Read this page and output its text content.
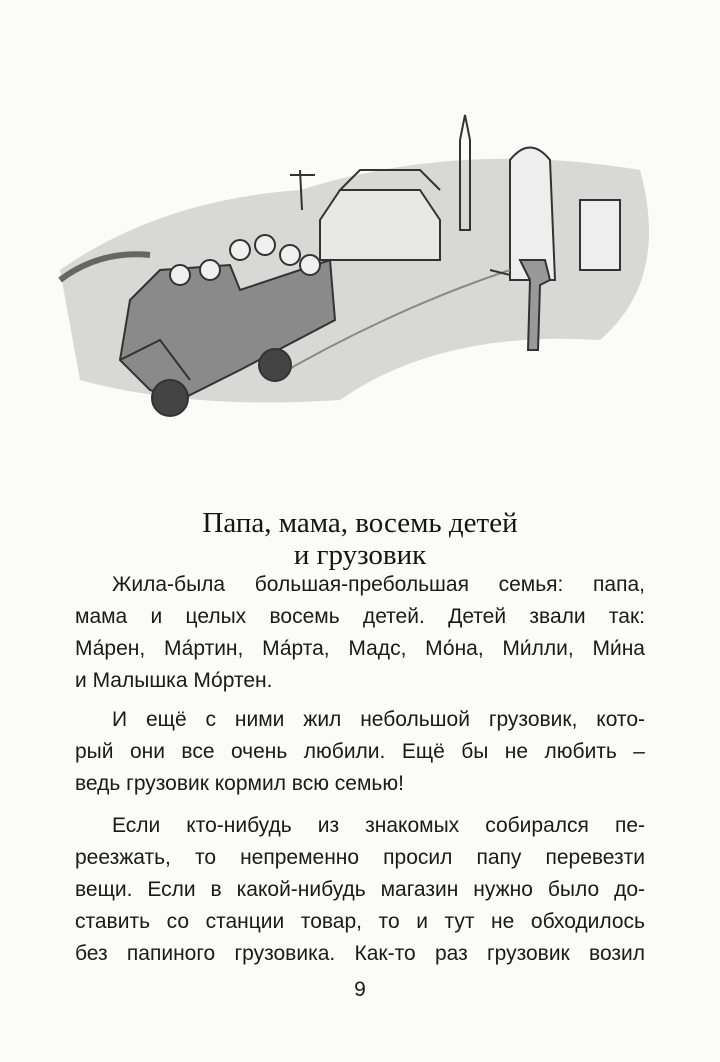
Папа, мама, восемь детей
и грузовик
Жила-была большая-пребольшая семья: папа,
мама и целых восемь детей. Детей звали так:
Ма́рен, Ма́ртин, Ма́рта, Мадс, Мо́на, Ми́лли, Ми́на
и Малышка Мо́ртен.
И ещё с ними жил небольшой грузовик, кото-
рый они все очень любили. Ещё бы не любить –
ведь грузовик кормил всю семью!
Если кто-нибудь из знакомых собирался пе-
реезжать, то непременно просил папу перевезти
вещи. Если в какой-нибудь магазин нужно было до-
ставить со станции товар, то и тут не обходилось
без папиного грузовика. Как-то раз грузовик возил
9
